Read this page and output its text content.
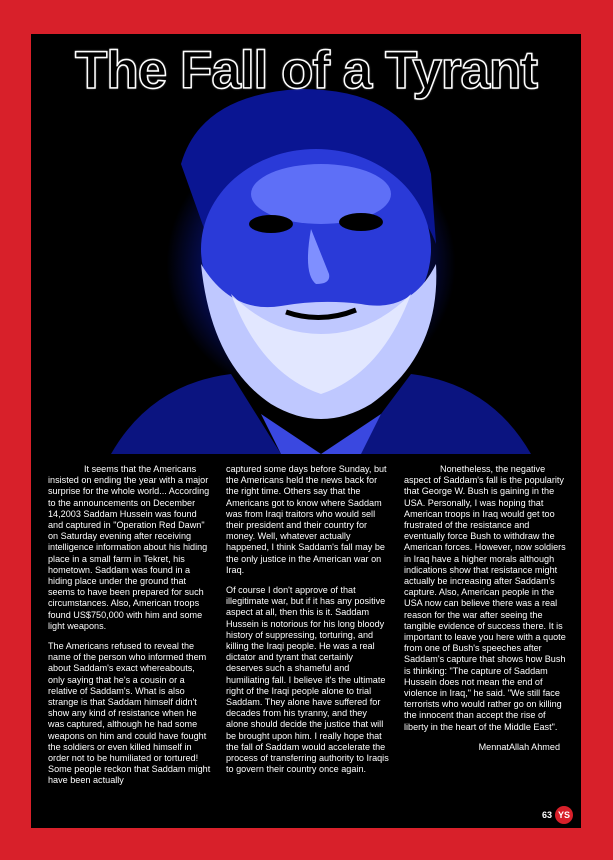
The Fall of a Tyrant

It seems that the Americans insisted on ending the year with a major surprise for the whole world... According to the announcements on December 14,2003 Saddam Hussein was found and captured in "Operation Red Dawn" on Saturday evening after receiving intelligence information about his hiding place in a small farm in Tekret, his hometown. Saddam was found in a hiding place under the ground that seems to have been prepared for such circumstances. Also, American troops found US$750,000 with him and some light weapons.

The Americans refused to reveal the name of the person who informed them about Saddam's exact whereabouts, only saying that he's a cousin or a relative of Saddam's. What is also strange is that Saddam himself didn't show any kind of resistance when he was captured, although he had some weapons on him and could have fought the soldiers or even killed himself in order not to be humiliated or tortured! Some people reckon that Saddam might have been actually

captured some days before Sunday, but the Americans held the news back for the right time. Others say that the Americans got to know where Saddam was from Iraqi traitors who would sell their president and their country for money. Well, whatever actually happened, I think Saddam's fall may be the only justice in the American war on Iraq.

Of course I don't approve of that illegitimate war, but if it has any positive aspect at all, then this is it. Saddam Hussein is notorious for his long bloody history of suppressing, torturing, and killing the Iraqi people. He was a real dictator and tyrant that certainly deserves such a shameful and humiliating fall. I believe it's the ultimate right of the Iraqi people alone to trial Saddam. They alone have suffered for decades from his tyranny, and they alone should decide the justice that will be brought upon him. I really hope that the fall of Saddam would accelerate the process of transferring authority to Iraqis to govern their country once again.

Nonetheless, the negative aspect of Saddam's fall is the popularity that George W. Bush is gaining in the USA. Personally, I was hoping that American troops in Iraq would get too frustrated of the resistance and eventually force Bush to withdraw the American forces. However, now soldiers in Iraq have a higher morals although indications show that resistance might actually be increasing after Saddam's capture. Also, American people in the USA now can believe there was a real reason for the war after seeing the tangible evidence of success there. It is important to leave you here with a quote from one of Bush's speeches after Saddam's capture that shows how Bush is thinking: "The capture of Saddam Hussein does not mean the end of violence in Iraq," he said. "We still face terrorists who would rather go on killing the innocent than accept the rise of liberty in the heart of the Middle East".

MennatAllah Ahmed

63 YS
